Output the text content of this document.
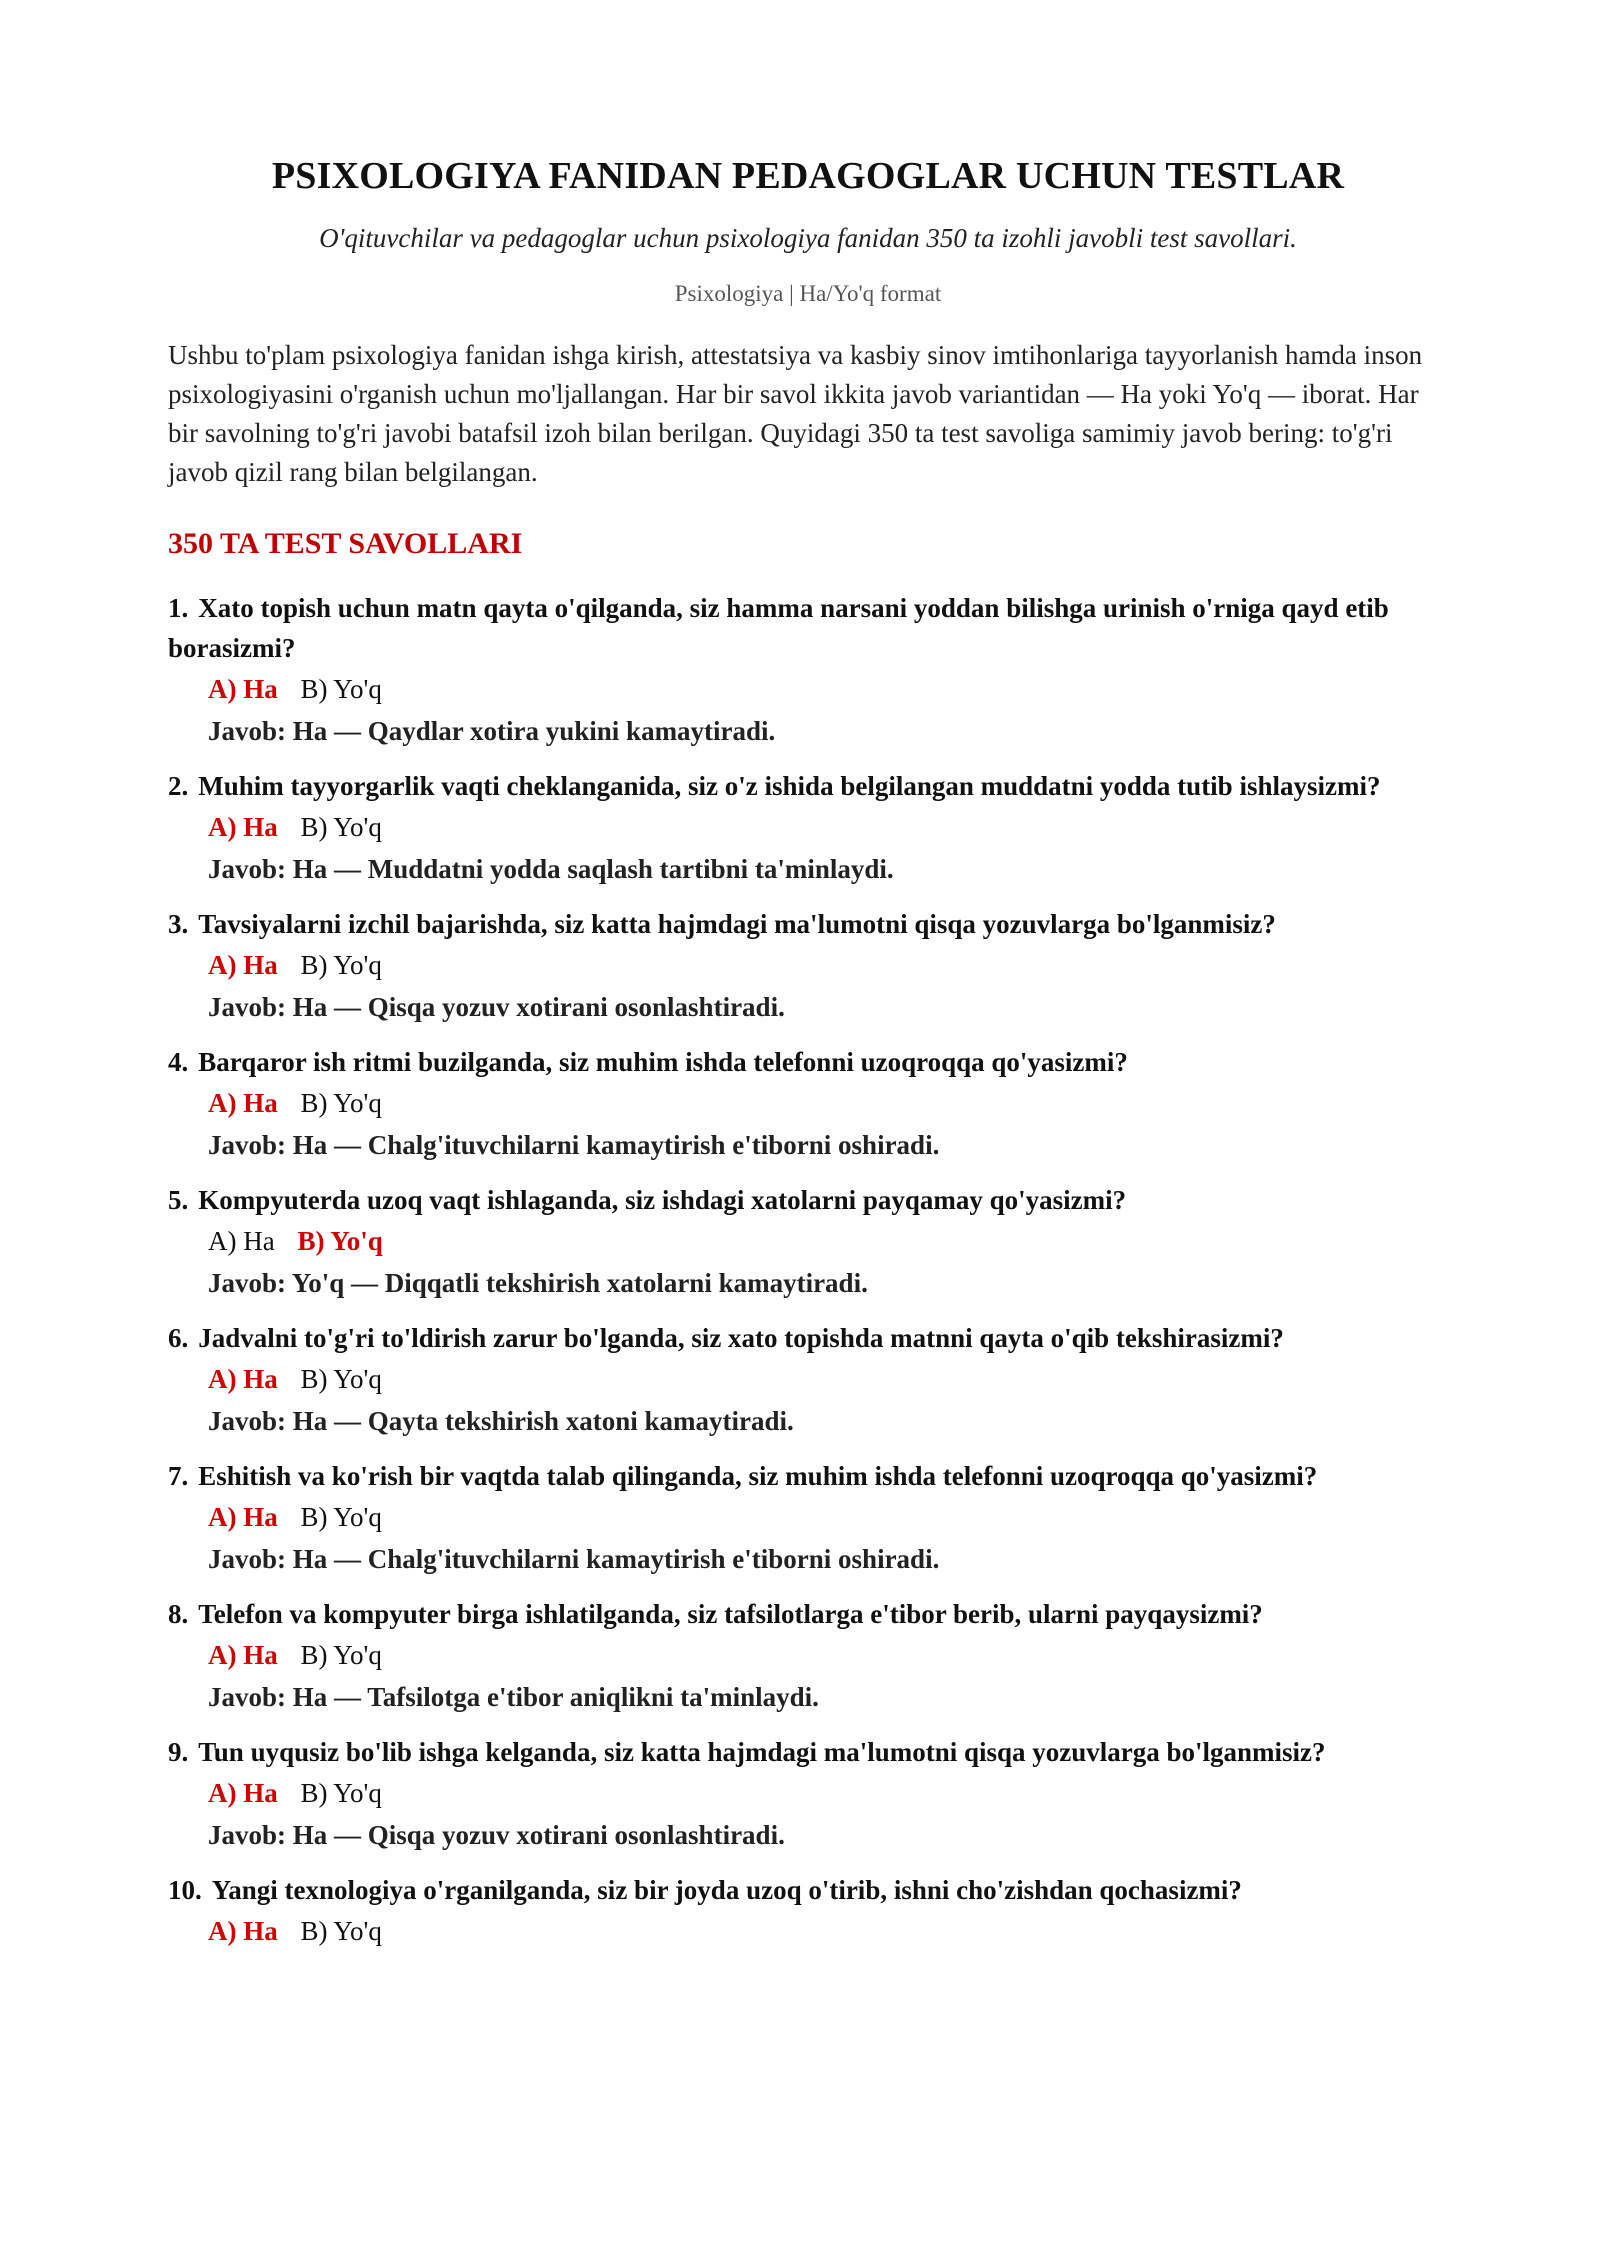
PSIXOLOGIYA FANIDAN PEDAGOGLAR UCHUN TESTLAR

O'qituvchilar va pedagoglar uchun psixologiya fanidan 350 ta izohli javobli test savollari.

Psixologiya | Ha/Yo'q format

Ushbu to'plam psixologiya fanidan ishga kirish, attestatsiya va kasbiy sinov imtihonlariga tayyorlanish hamda inson psixologiyasini o'rganish uchun mo'ljallangan. Har bir savol ikkita javob variantidan — Ha yoki Yo'q — iborat. Har bir savolning to'g'ri javobi batafsil izoh bilan berilgan. Quyidagi 350 ta test savoliga samimiy javob bering: to'g'ri javob qizil rang bilan belgilangan.

350 TA TEST SAVOLLARI
1. Xato topish uchun matn qayta o'qilganda, siz hamma narsani yoddan bilishga urinish o'rniga qayd etib borasizmi?
A) Ha B) Yo'q
Javob: Ha — Qaydlar xotira yukini kamaytiradi.
2. Muhim tayyorgarlik vaqti cheklanganida, siz o'z ishida belgilangan muddatni yodda tutib ishlaysizmi?
A) Ha B) Yo'q
Javob: Ha — Muddatni yodda saqlash tartibni ta'minlaydi.
3. Tavsiyalarni izchil bajarishda, siz katta hajmdagi ma'lumotni qisqa yozuvlarga bo'lganmisiz?
A) Ha B) Yo'q
Javob: Ha — Qisqa yozuv xotirani osonlashtiradi.
4. Barqaror ish ritmi buzilganda, siz muhim ishda telefonni uzoqroqqa qo'yasizmi?
A) Ha B) Yo'q
Javob: Ha — Chalg'ituvchilarni kamaytirish e'tiborni oshiradi.
5. Kompyuterda uzoq vaqt ishlaganda, siz ishdagi xatolarni payqamay qo'yasizmi?
A) Ha B) Yo'q
Javob: Yo'q — Diqqatli tekshirish xatolarni kamaytiradi.
6. Jadvalni to'g'ri to'ldirish zarur bo'lganda, siz xato topishda matnni qayta o'qib tekshirasizmi?
A) Ha B) Yo'q
Javob: Ha — Qayta tekshirish xatoni kamaytiradi.
7. Eshitish va ko'rish bir vaqtda talab qilinganda, siz muhim ishda telefonni uzoqroqqa qo'yasizmi?
A) Ha B) Yo'q
Javob: Ha — Chalg'ituvchilarni kamaytirish e'tiborni oshiradi.
8. Telefon va kompyuter birga ishlatilganda, siz tafsilotlarga e'tibor berib, ularni payqaysizmi?
A) Ha B) Yo'q
Javob: Ha — Tafsilotga e'tibor aniqlikni ta'minlaydi.
9. Tun uyqusiz bo'lib ishga kelganda, siz katta hajmdagi ma'lumotni qisqa yozuvlarga bo'lganmisiz?
A) Ha B) Yo'q
Javob: Ha — Qisqa yozuv xotirani osonlashtiradi.
10. Yangi texnologiya o'rganilganda, siz bir joyda uzoq o'tirib, ishni cho'zishdan qochasizmi?
A) Ha B) Yo'q
